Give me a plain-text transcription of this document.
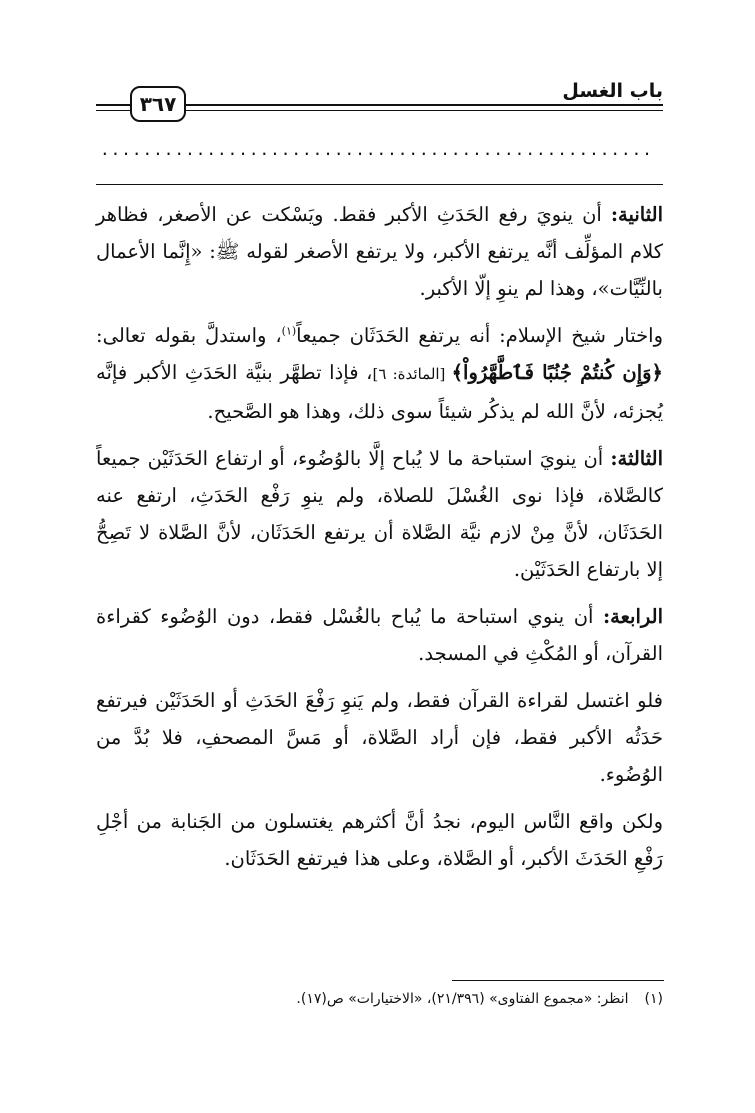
باب الغسل
٣٦٧
....................................................

الثانية: أن ينويَ رفع الحَدَثِ الأكبر فقط. ويَسْكت عن الأصغر، فظاهر كلام المؤلِّف أنَّه يرتفع الأكبر، ولا يرتفع الأصغر لقوله ﷺ: «إِنَّما الأعمال بالنِّيَّات»، وهذا لم ينوِ إلّا الأكبر.

واختار شيخ الإسلام: أنه يرتفع الحَدَثَان جميعاً$^{(١)}$، واستدلَّ بقوله تعالى: ﴿وَإِن كُنتُمْ جُنُبًا فَٱطَّهَّرُواْ﴾ [المائدة: ٦]، فإذا تطهَّر بنيَّة الحَدَثِ الأكبر فإنَّه يُجزئه، لأنَّ الله لم يذكُر شيئاً سوى ذلك، وهذا هو الصَّحيح.

الثالثة: أن ينويَ استباحة ما لا يُباح إلَّا بالوُضُوء، أو ارتفاع الحَدَثَيْن جميعاً كالصَّلاة، فإذا نوى الغُسْلَ للصلاة، ولم ينوِ رَفْع الحَدَثِ، ارتفع عنه الحَدَثَان، لأنَّ مِنْ لازم نيَّة الصَّلاة أن يرتفع الحَدَثَان، لأنَّ الصَّلاة لا تَصِحُّ إلا بارتفاع الحَدَثَيْن.

الرابعة: أن ينوي استباحة ما يُباح بالغُسْل فقط، دون الوُضُوء كقراءة القرآن، أو المُكْثِ في المسجد.

فلو اغتسل لقراءة القرآن فقط، ولم يَنوِ رَفْعَ الحَدَثِ أو الحَدَثَيْن فيرتفع حَدَثُه الأكبر فقط، فإن أراد الصَّلاة، أو مَسَّ المصحفِ، فلا بُدَّ من الوُضُوء.

ولكن واقع النَّاس اليوم، نجدُ أنَّ أكثرهم يغتسلون من الجَنابة من أجْلِ رَفْعِ الحَدَثَ الأكبر، أو الصَّلاة، وعلى هذا فيرتفع الحَدَثَان.

(١)انظر: «مجموع الفتاوى» (٢١/٣٩٦)، «الاختيارات» ص(١٧).
